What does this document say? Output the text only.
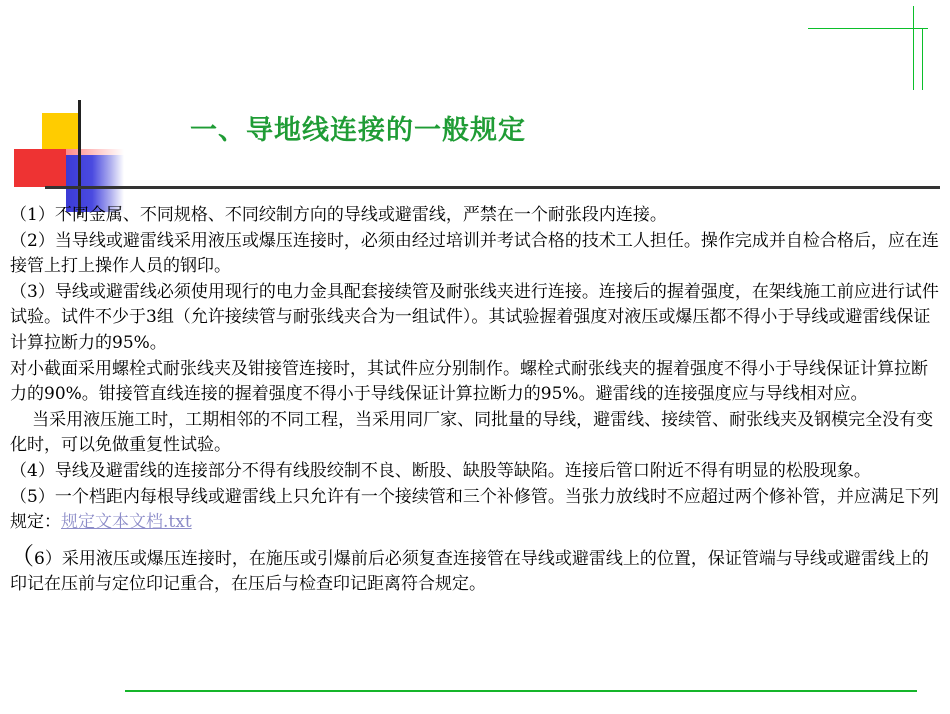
一、导地线连接的一般规定

（1）不同金属、不同规格、不同绞制方向的导线或避雷线，严禁在一个耐张段内连接。

（2）当导线或避雷线采用液压或爆压连接时，必须由经过培训并考试合格的技术工人担任。操作完成并自检合格后，应在连接管上打上操作人员的钢印。

（3）导线或避雷线必须使用现行的电力金具配套接续管及耐张线夹进行连接。连接后的握着强度，在架线施工前应进行试件试验。试件不少于3组（允许接续管与耐张线夹合为一组试件）。其试验握着强度对液压或爆压都不得小于导线或避雷线保证计算拉断力的95%。

对小截面采用螺栓式耐张线夹及钳接管连接时，其试件应分别制作。螺栓式耐张线夹的握着强度不得小于导线保证计算拉断力的90%。钳接管直线连接的握着强度不得小于导线保证计算拉断力的95%。避雷线的连接强度应与导线相对应。

当采用液压施工时，工期相邻的不同工程，当采用同厂家、同批量的导线，避雷线、接续管、耐张线夹及钢模完全没有变化时，可以免做重复性试验。

（4）导线及避雷线的连接部分不得有线股绞制不良、断股、缺股等缺陷。连接后管口附近不得有明显的松股现象。

（5）一个档距内每根导线或避雷线上只允许有一个接续管和三个补修管。当张力放线时不应超过两个修补管，并应满足下列规定：规定文本文档.txt

（6）采用液压或爆压连接时，在施压或引爆前后必须复查连接管在导线或避雷线上的位置，保证管端与导线或避雷线上的印记在压前与定位印记重合，在压后与检查印记距离符合规定。
